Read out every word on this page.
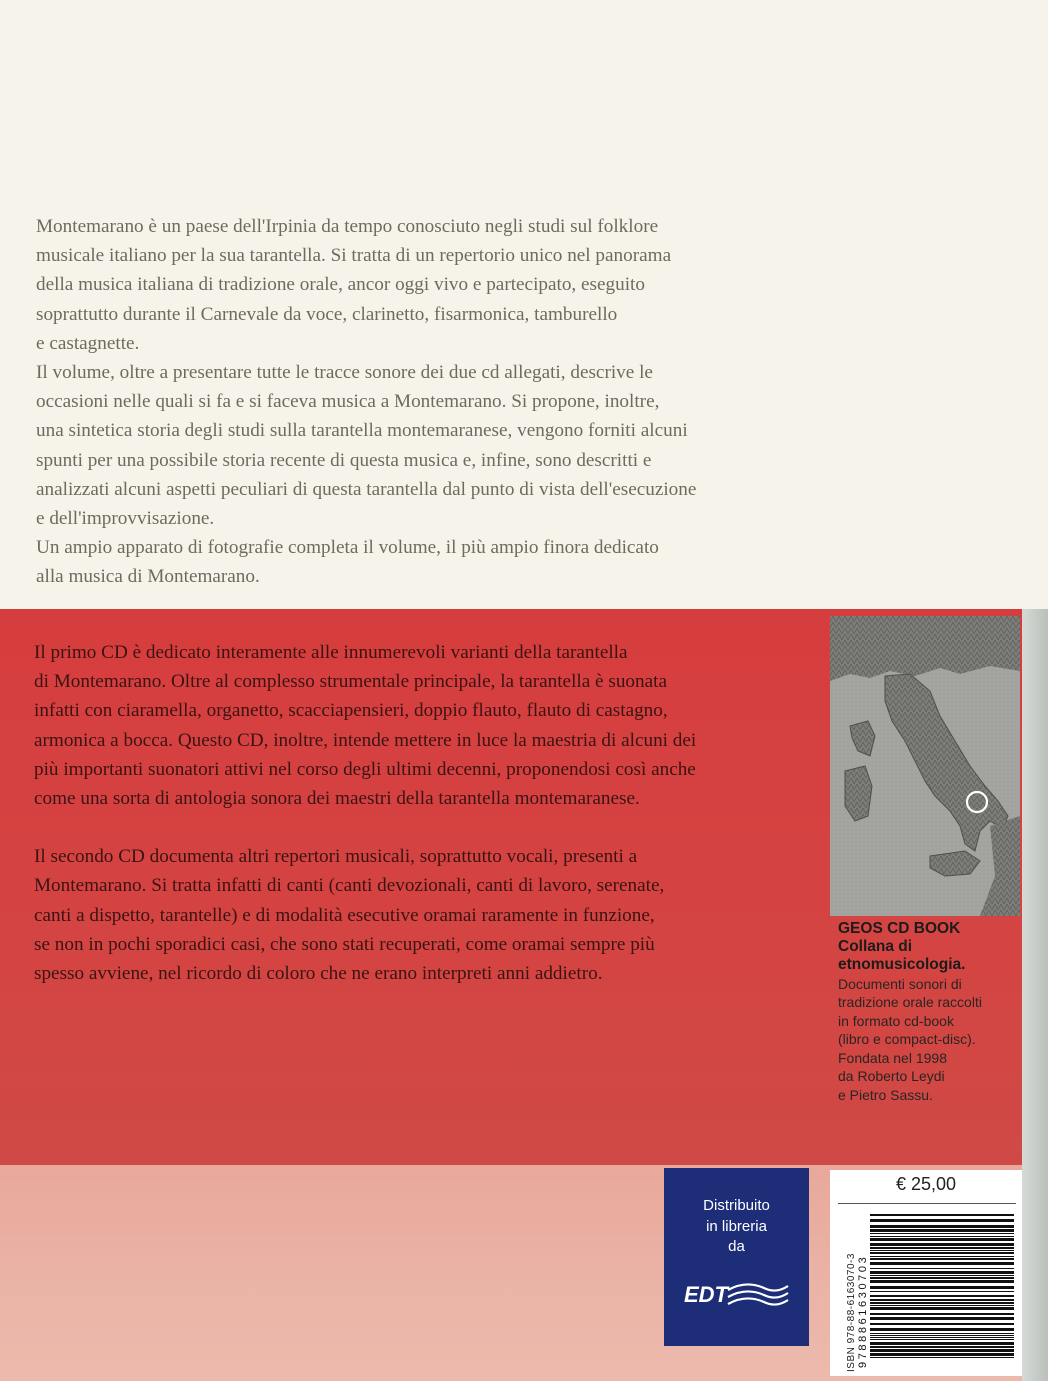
Montemarano è un paese dell'Irpinia da tempo conosciuto negli studi sul folklore
musicale italiano per la sua tarantella. Si tratta di un repertorio unico nel panorama
della musica italiana di tradizione orale, ancor oggi vivo e partecipato, eseguito
soprattutto durante il Carnevale da voce, clarinetto, fisarmonica, tamburello
e castagnette.
Il volume, oltre a presentare tutte le tracce sonore dei due cd allegati, descrive le
occasioni nelle quali si fa e si faceva musica a Montemarano. Si propone, inoltre,
una sintetica storia degli studi sulla tarantella montemaranese, vengono forniti alcuni
spunti per una possibile storia recente di questa musica e, infine, sono descritti e
analizzati alcuni aspetti peculiari di questa tarantella dal punto di vista dell'esecuzione
e dell'improvvisazione.
Un ampio apparato di fotografie completa il volume, il più ampio finora dedicato
alla musica di Montemarano.

Il primo CD è dedicato interamente alle innumerevoli varianti della tarantella
di Montemarano. Oltre al complesso strumentale principale, la tarantella è suonata
infatti con ciaramella, organetto, scacciapensieri, doppio flauto, flauto di castagno,
armonica a bocca. Questo CD, inoltre, intende mettere in luce la maestria di alcuni dei
più importanti suonatori attivi nel corso degli ultimi decenni, proponendosi così anche
come una sorta di antologia sonora dei maestri della tarantella montemaranese.

Il secondo CD documenta altri repertori musicali, soprattutto vocali, presenti a
Montemarano. Si tratta infatti di canti (canti devozionali, canti di lavoro, serenate,
canti a dispetto, tarantelle) e di modalità esecutive oramai raramente in funzione,
se non in pochi sporadici casi, che sono stati recuperati, come oramai sempre più
spesso avviene, nel ricordo di coloro che ne erano interpreti anni addietro.

GEOS CD BOOK
Collana di
etnomusicologia.
Documenti sonori di
tradizione orale raccolti
in formato cd-book
(libro e compact-disc).
Fondata nel 1998
da Roberto Leydi
e Pietro Sassu.
€ 25,00
9788861630703
ISBN 978-88-6163070-3
Distribuito
in libreria
da
EDT
